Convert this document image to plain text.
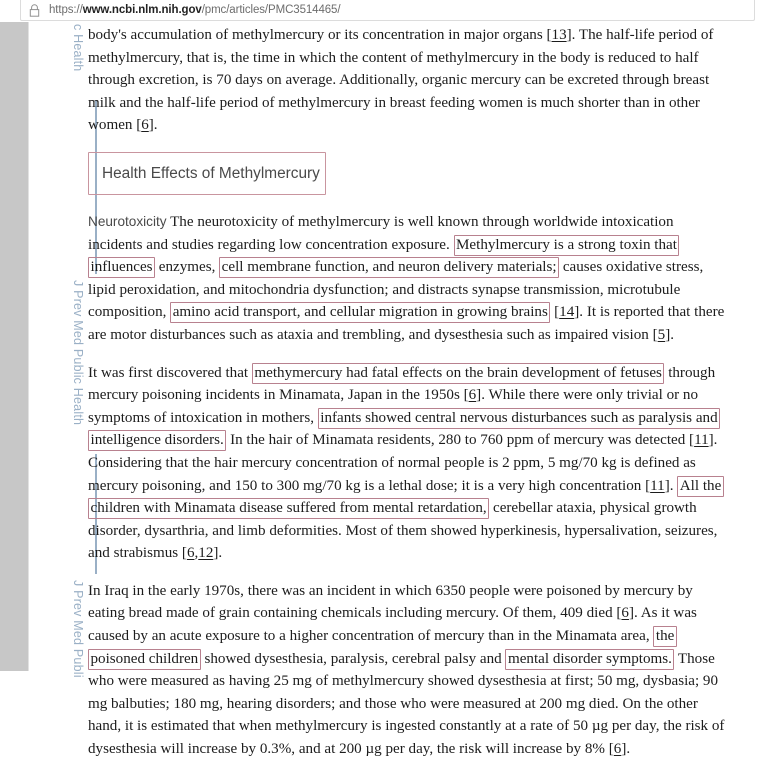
https://www.ncbi.nlm.nih.gov/pmc/articles/PMC3514465/
c Health
J Prev Med Public Health
J Prev Med Publi

body's accumulation of methylmercury or its concentration in major organs [13]. The half-life period of methylmercury, that is, the time in which the content of methylmercury in the body is reduced to half through excretion, is 70 days on average. Additionally, organic mercury can be excreted through breast milk and the half-life period of methylmercury in breast feeding women is much shorter than in other women [6].

Health Effects of Methylmercury

Neurotoxicity The neurotoxicity of methylmercury is well known through worldwide intoxication incidents and studies regarding low concentration exposure. Methylmercury is a strong toxin that influences enzymes, cell membrane function, and neuron delivery materials; causes oxidative stress, lipid peroxidation, and mitochondria dysfunction; and distracts synapse transmission, microtubule composition, amino acid transport, and cellular migration in growing brains [14]. It is reported that there are motor disturbances such as ataxia and trembling, and dysesthesia such as impaired vision [5].

It was first discovered that methymercury had fatal effects on the brain development of fetuses through mercury poisoning incidents in Minamata, Japan in the 1950s [6]. While there were only trivial or no symptoms of intoxication in mothers, infants showed central nervous disturbances such as paralysis and intelligence disorders. In the hair of Minamata residents, 280 to 760 ppm of mercury was detected [11]. Considering that the hair mercury concentration of normal people is 2 ppm, 5 mg/70 kg is defined as mercury poisoning, and 150 to 300 mg/70 kg is a lethal dose; it is a very high concentration [11]. All the children with Minamata disease suffered from mental retardation, cerebellar ataxia, physical growth disorder, dysarthria, and limb deformities. Most of them showed hyperkinesis, hypersalivation, seizures, and strabismus [6,12].

In Iraq in the early 1970s, there was an incident in which 6350 people were poisoned by mercury by eating bread made of grain containing chemicals including mercury. Of them, 409 died [6]. As it was caused by an acute exposure to a higher concentration of mercury than in the Minamata area, the poisoned children showed dysesthesia, paralysis, cerebral palsy and mental disorder symptoms. Those who were measured as having 25 mg of methylmercury showed dysesthesia at first; 50 mg, dysbasia; 90 mg balbuties; 180 mg, hearing disorders; and those who were measured at 200 mg died. On the other hand, it is estimated that when methylmercury is ingested constantly at a rate of 50 µg per day, the risk of dysesthesia will increase by 0.3%, and at 200 µg per day, the risk will increase by 8% [6].
